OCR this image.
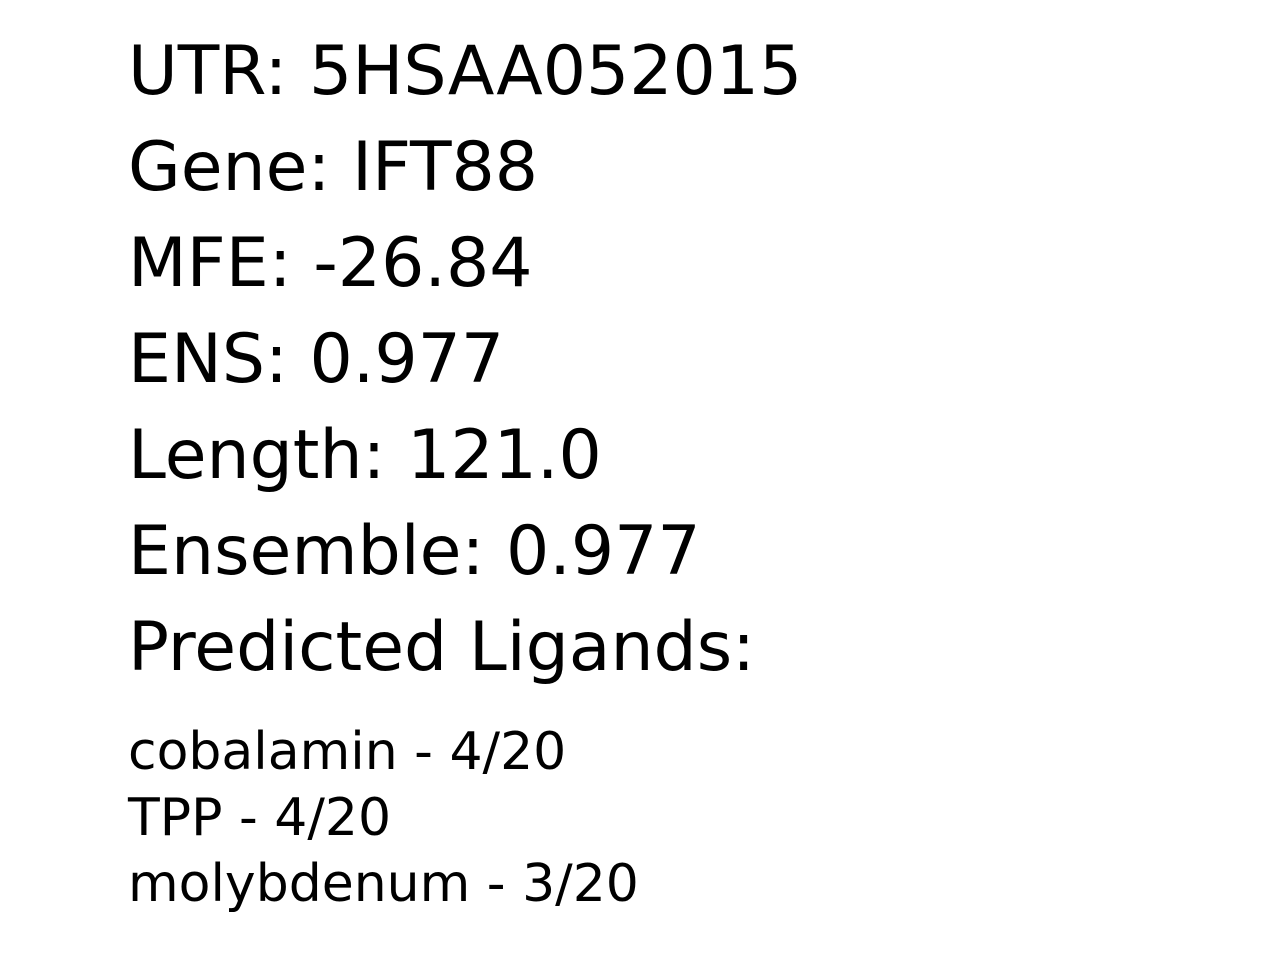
UTR: 5HSAA052015
Gene: IFT88
MFE: -26.84
ENS: 0.977
Length: 121.0
Ensemble: 0.977
Predicted Ligands:
cobalamin - 4/20
TPP - 4/20
molybdenum - 3/20
